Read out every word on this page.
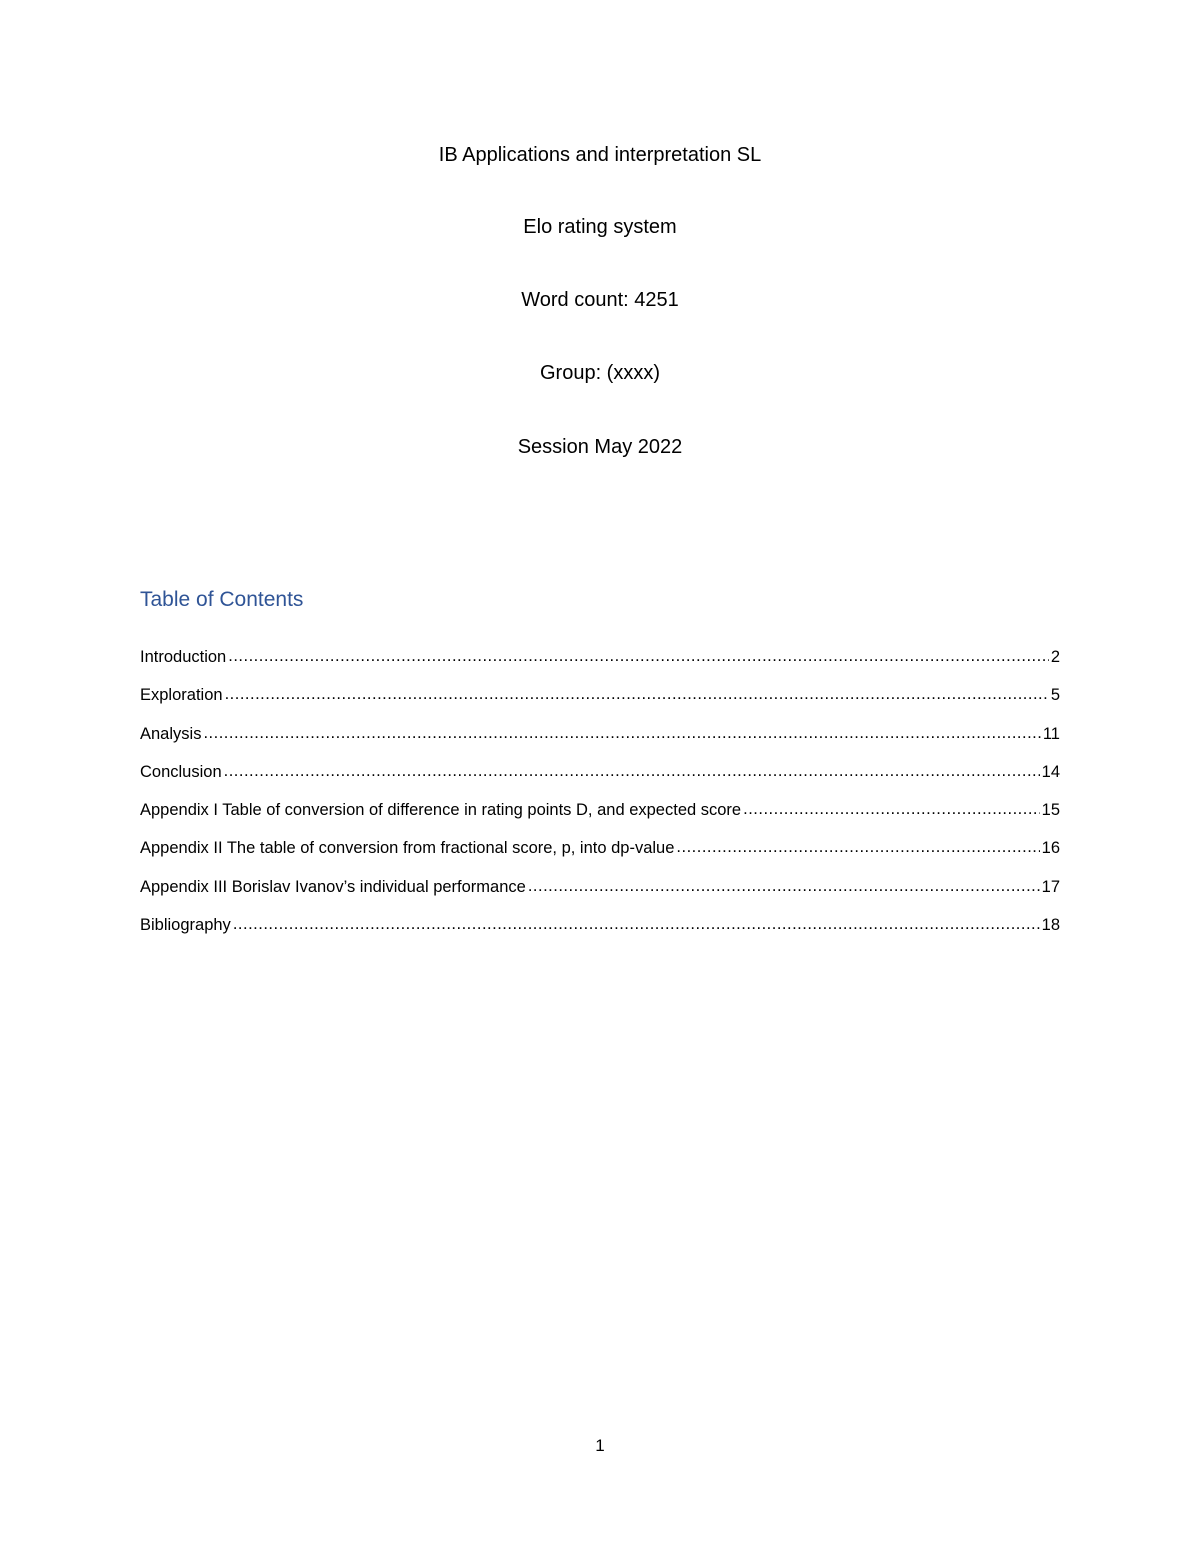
IB Applications and interpretation SL
Elo rating system
Word count: 4251
Group: (xxxx)
Session May 2022
Table of Contents
Introduction .....	2
Exploration .....	5
Analysis .....	11
Conclusion .....	14
Appendix I Table of conversion of difference in rating points D, and expected score .....	15
Appendix II The table of conversion from fractional score, p, into dp-value .....	16
Appendix III Borislav Ivanov’s individual performance .....	17
Bibliography .....	18
1
